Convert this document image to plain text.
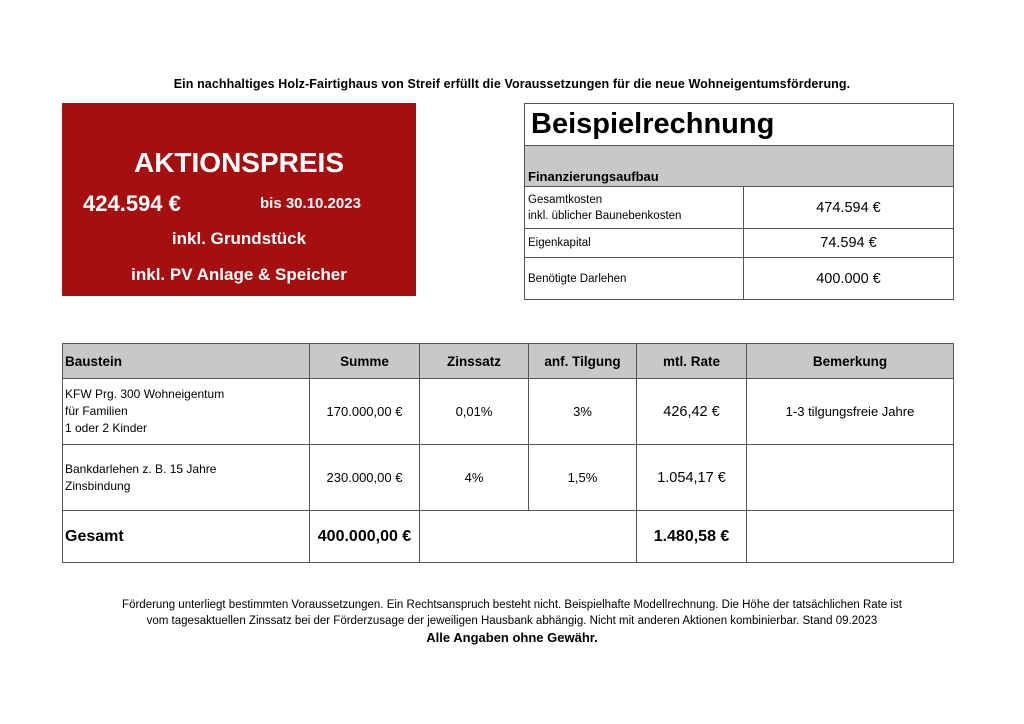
Ein nachhaltiges Holz-Fairtighaus von Streif erfüllt die Voraussetzungen für die neue Wohneigentumsförderung.
AKTIONSPREIS
424.594 €	bis 30.10.2023
inkl. Grundstück
inkl. PV Anlage & Speicher
Beispielrechnung	
Finanzierungsaufbau	

Gesamtkosten
inkl. üblicher Baunebenkosten	474.594 €
Eigenkapital	74.594 €
Benötigte Darlehen	400.000 €
Baustein	Summe	Zinssatz	anf. Tilgung	mtl. Rate	Bemerkung

KFW Prg. 300 Wohneigentum
für Familien
1 oder 2 Kinder	170.000,00 €	0,01%	3%	426,42 €	1-3 tilgungsfreie Jahre

Bankdarlehen z. B. 15 Jahre
Zinsbindung	230.000,00 €	4%	1,5%	1.054,17 €	
Gesamt	400.000,00 €			1.480,58 €	
Förderung unterliegt bestimmten Voraussetzungen. Ein Rechtsanspruch besteht nicht. Beispielhafte Modellrechnung. Die Höhe der tatsächlichen Rate ist
vom tagesaktuellen Zinssatz bei der Förderzusage der jeweiligen Hausbank abhängig. Nicht mit anderen Aktionen kombinierbar. Stand 09.2023
Alle Angaben ohne Gewähr.
